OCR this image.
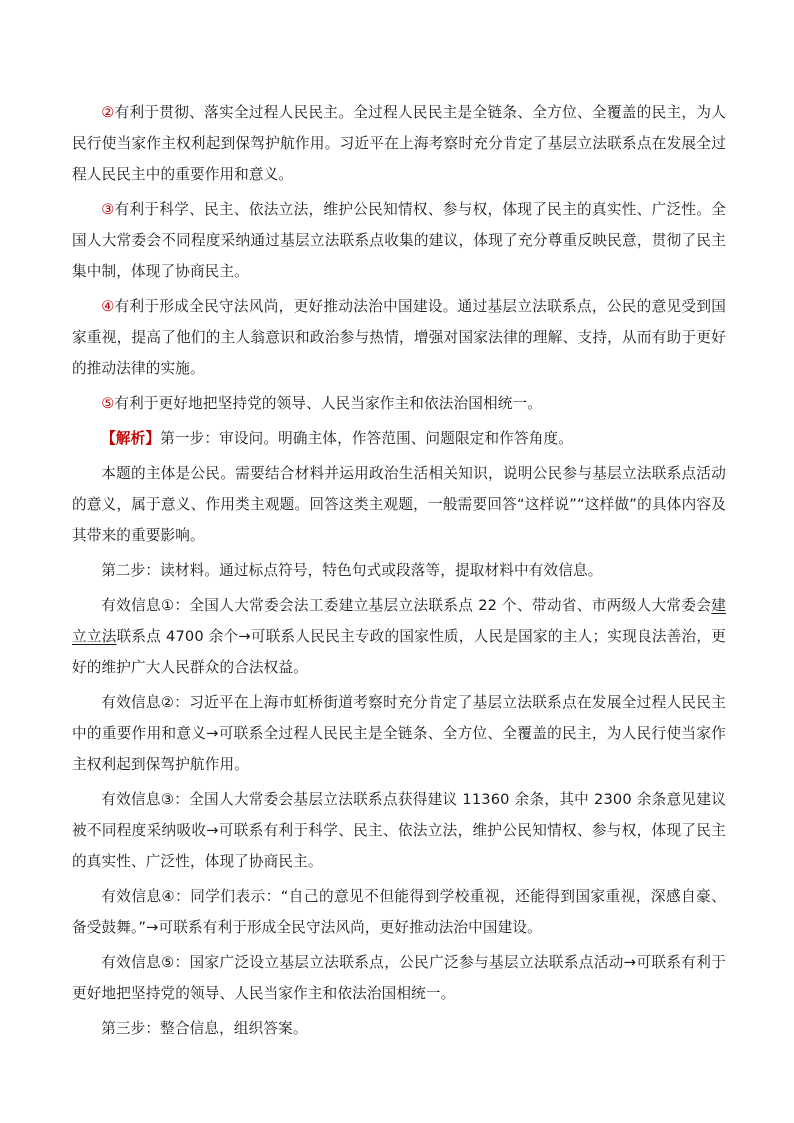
②有利于贯彻、落实全过程人民民主。全过程人民民主是全链条、全方位、全覆盖的民主，为人民行使当家作主权利起到保驾护航作用。习近平在上海考察时充分肯定了基层立法联系点在发展全过程人民民主中的重要作用和意义。

③有利于科学、民主、依法立法，维护公民知情权、参与权，体现了民主的真实性、广泛性。全国人大常委会不同程度采纳通过基层立法联系点收集的建议，体现了充分尊重反映民意，贯彻了民主集中制，体现了协商民主。

④有利于形成全民守法风尚，更好推动法治中国建设。通过基层立法联系点，公民的意见受到国家重视，提高了他们的主人翁意识和政治参与热情，增强对国家法律的理解、支持，从而有助于更好的推动法律的实施。

⑤有利于更好地把坚持党的领导、人民当家作主和依法治国相统一。

【解析】第一步：审设问。明确主体，作答范围、问题限定和作答角度。

本题的主体是公民。需要结合材料并运用政治生活相关知识，说明公民参与基层立法联系点活动的意义，属于意义、作用类主观题。回答这类主观题，一般需要回答“这样说”“这样做”的具体内容及其带来的重要影响。

第二步：读材料。通过标点符号，特色句式或段落等，提取材料中有效信息。

有效信息①：全国人大常委会法工委建立基层立法联系点 22 个、带动省、市两级人大常委会建立立法联系点 4700 余个→可联系人民民主专政的国家性质，人民是国家的主人；实现良法善治，更好的维护广大人民群众的合法权益。

有效信息②：习近平在上海市虹桥街道考察时充分肯定了基层立法联系点在发展全过程人民民主中的重要作用和意义→可联系全过程人民民主是全链条、全方位、全覆盖的民主，为人民行使当家作主权利起到保驾护航作用。

有效信息③：全国人大常委会基层立法联系点获得建议 11360 余条，其中 2300 余条意见建议被不同程度采纳吸收→可联系有利于科学、民主、依法立法，维护公民知情权、参与权，体现了民主的真实性、广泛性，体现了协商民主。

有效信息④：同学们表示：“自己的意见不但能得到学校重视，还能得到国家重视，深感自豪、备受鼓舞。”→可联系有利于形成全民守法风尚，更好推动法治中国建设。

有效信息⑤：国家广泛设立基层立法联系点，公民广泛参与基层立法联系点活动→可联系有利于更好地把坚持党的领导、人民当家作主和依法治国相统一。

第三步：整合信息，组织答案。
